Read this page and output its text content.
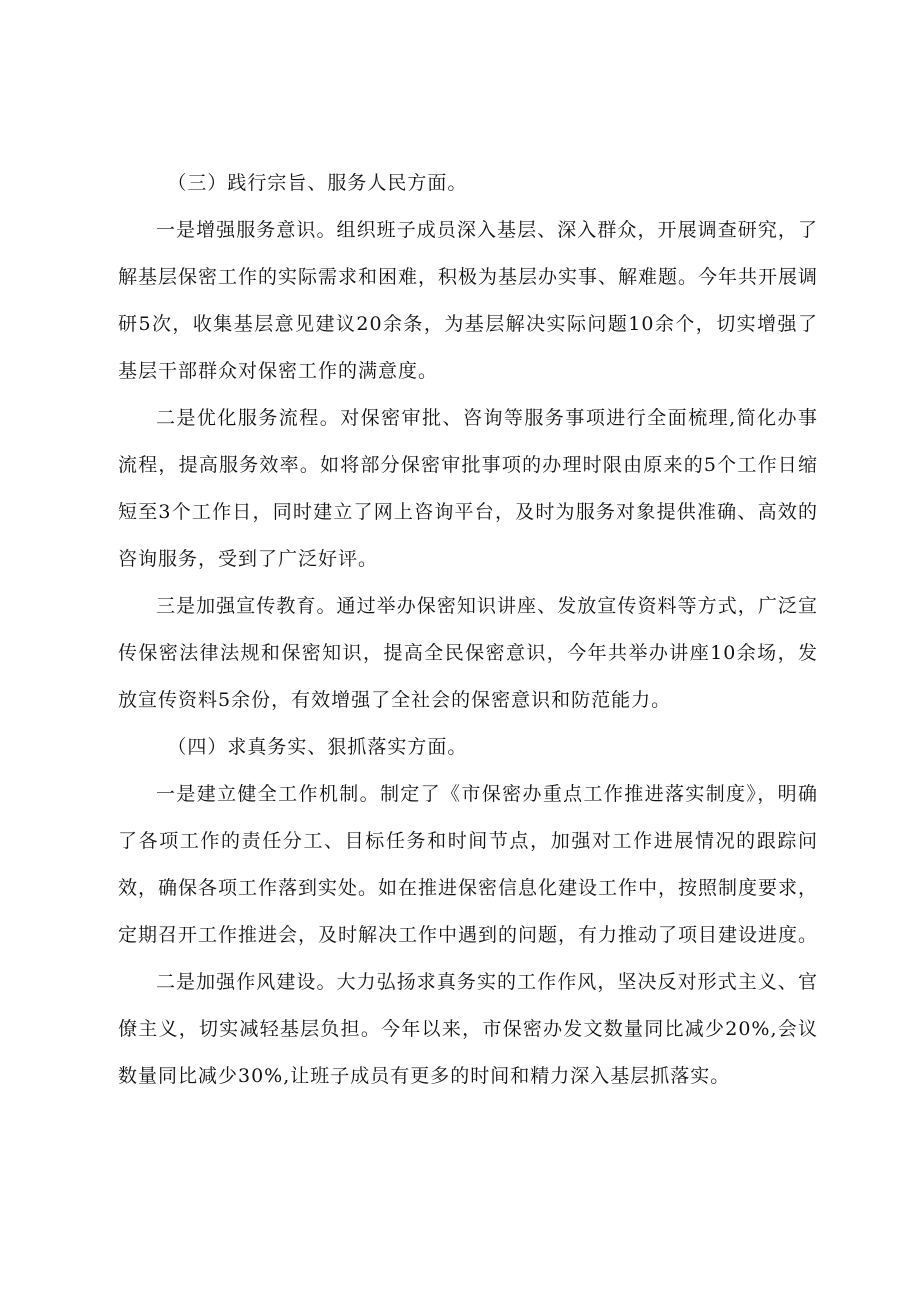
（三）践行宗旨、服务人民方面。

一是增强服务意识。组织班子成员深入基层、深入群众，开展调查研究，了解基层保密工作的实际需求和困难，积极为基层办实事、解难题。今年共开展调研5次，收集基层意见建议20余条，为基层解决实际问题10余个，切实增强了基层干部群众对保密工作的满意度。

二是优化服务流程。对保密审批、咨询等服务事项进行全面梳理,简化办事流程，提高服务效率。如将部分保密审批事项的办理时限由原来的5个工作日缩短至3个工作日，同时建立了网上咨询平台，及时为服务对象提供准确、高效的咨询服务，受到了广泛好评。

三是加强宣传教育。通过举办保密知识讲座、发放宣传资料等方式，广泛宣传保密法律法规和保密知识，提高全民保密意识，今年共举办讲座10余场，发放宣传资料5余份，有效增强了全社会的保密意识和防范能力。

（四）求真务实、狠抓落实方面。

一是建立健全工作机制。制定了《市保密办重点工作推进落实制度》，明确了各项工作的责任分工、目标任务和时间节点，加强对工作进展情况的跟踪问效，确保各项工作落到实处。如在推进保密信息化建设工作中，按照制度要求，定期召开工作推进会，及时解决工作中遇到的问题，有力推动了项目建设进度。

二是加强作风建设。大力弘扬求真务实的工作作风，坚决反对形式主义、官僚主义，切实减轻基层负担。今年以来，市保密办发文数量同比减少20%,会议数量同比减少30%,让班子成员有更多的时间和精力深入基层抓落实。
